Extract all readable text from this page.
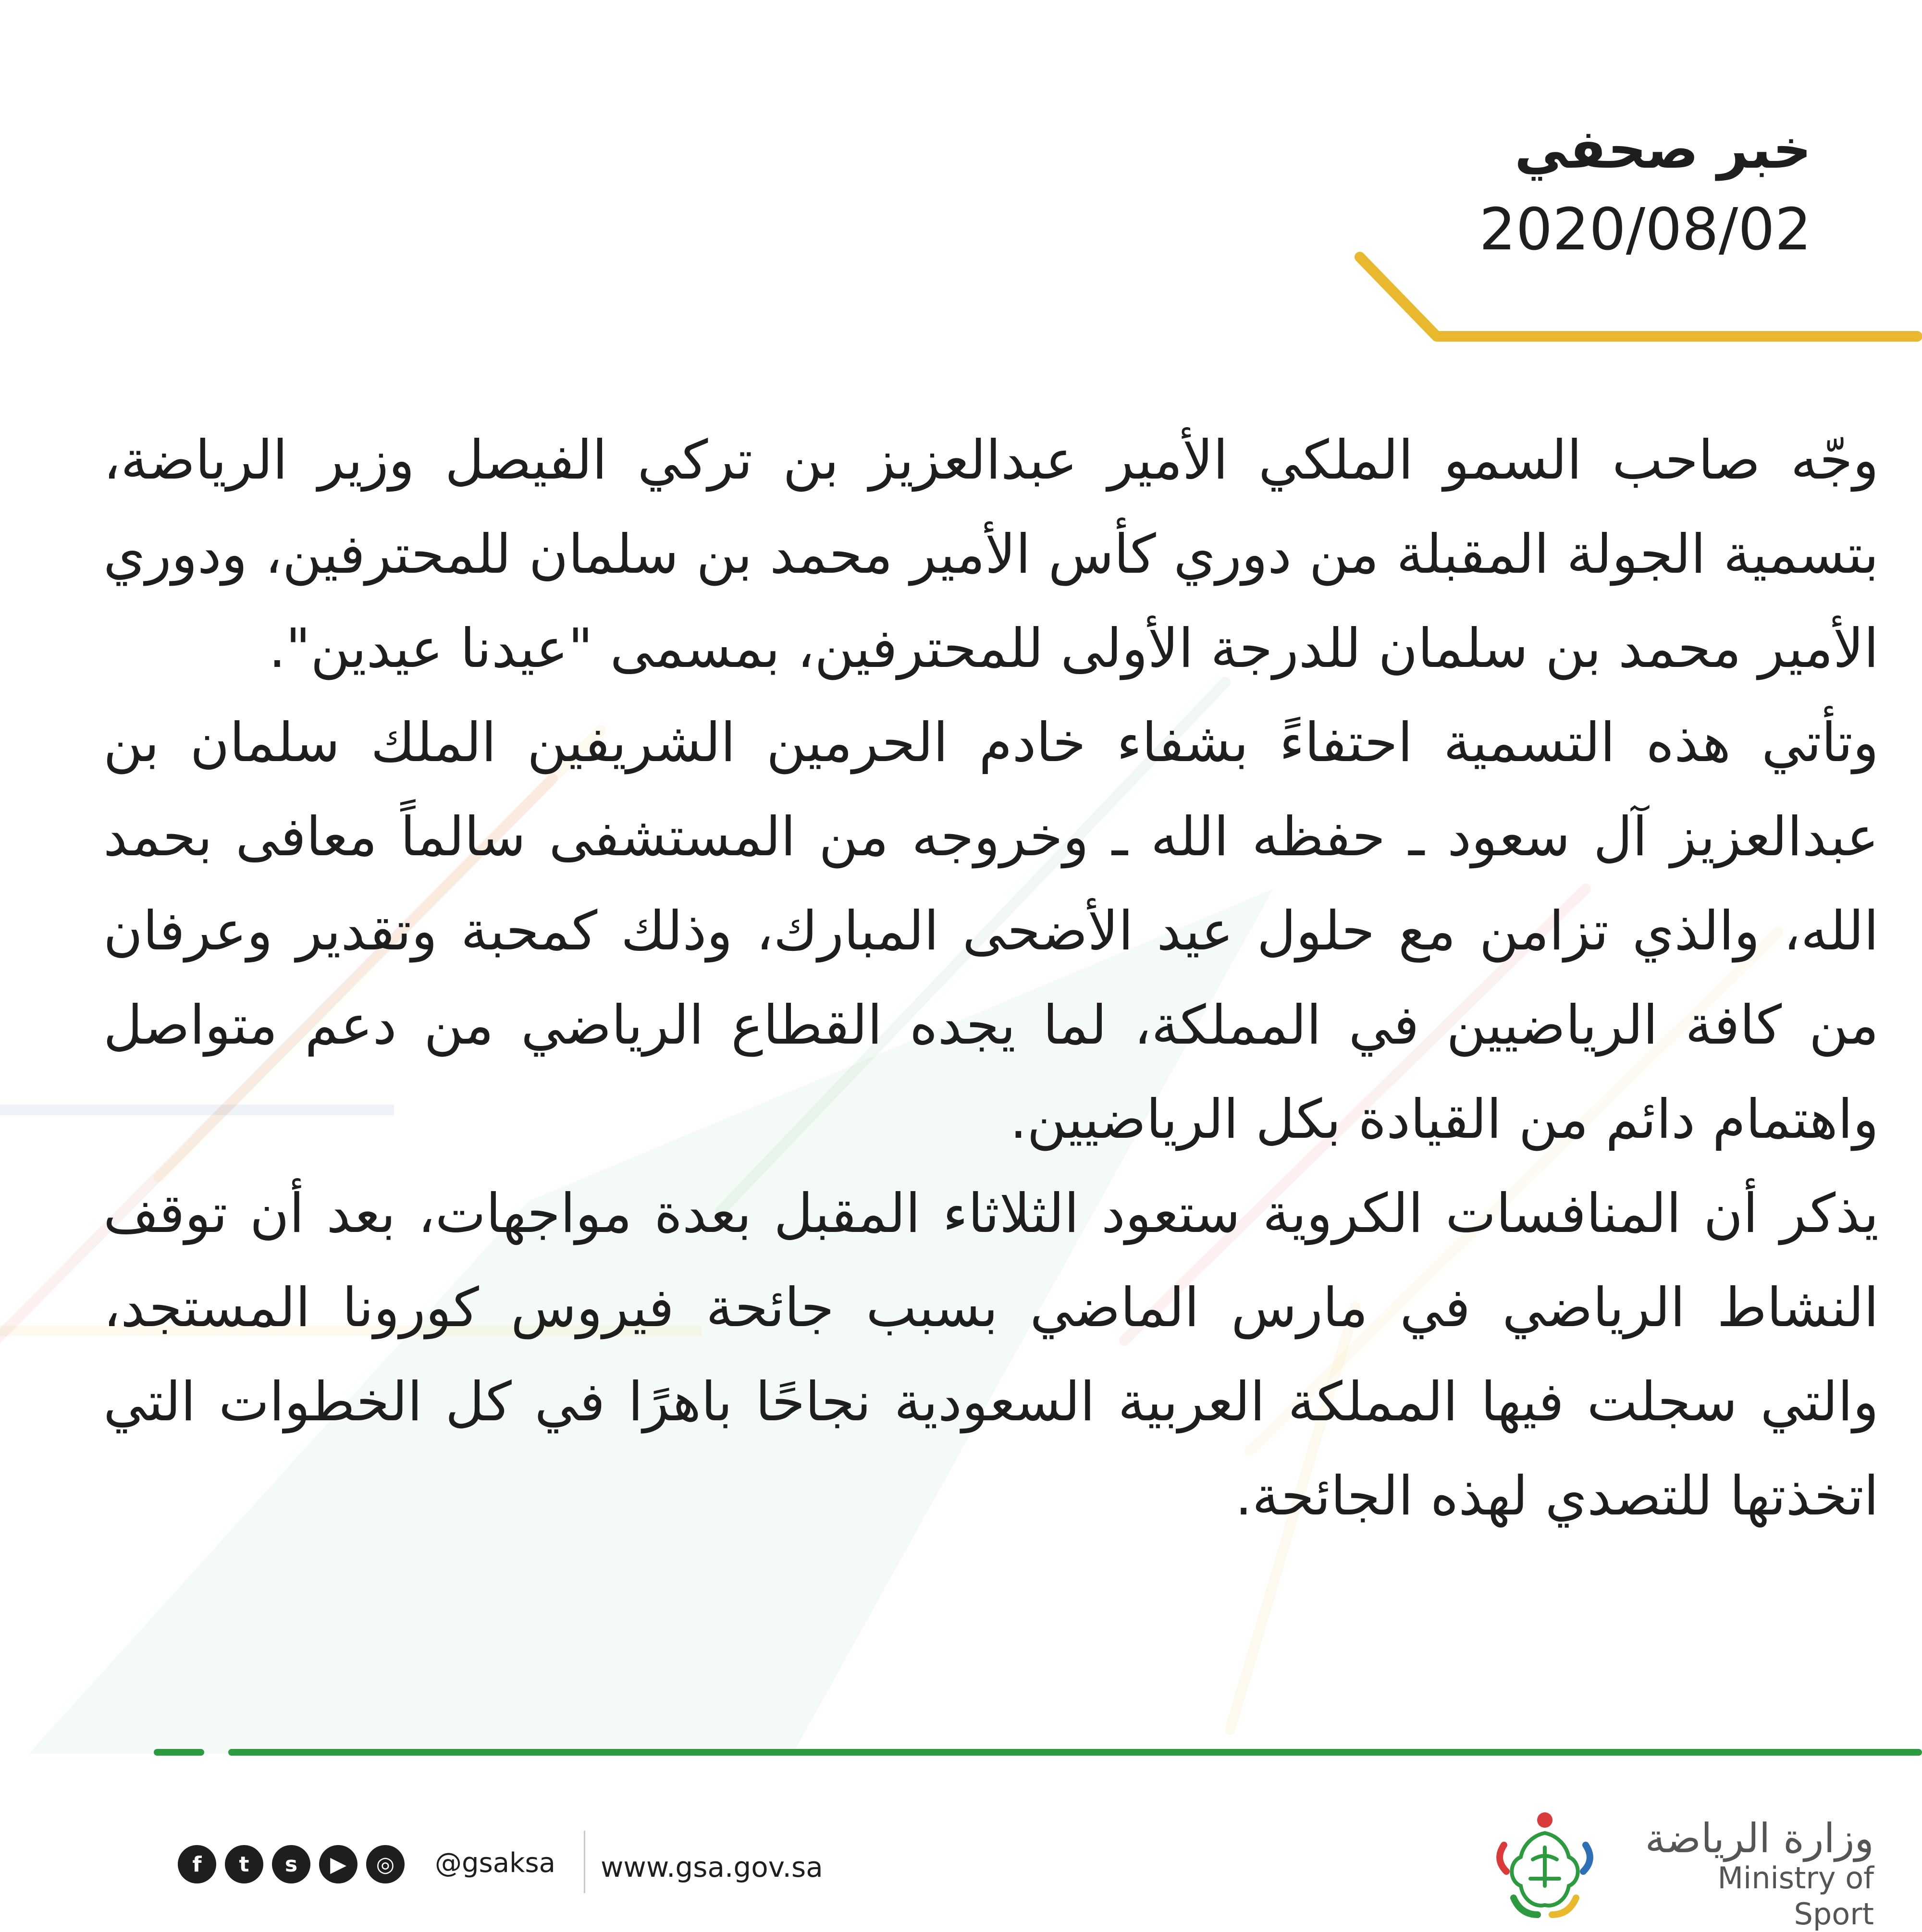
خبر صحفي
2020/08/02

وجّه صاحب السمو الملكي الأمير عبدالعزيز بن تركي الفيصل وزير الرياضة، بتسمية الجولة المقبلة من دوري كأس الأمير محمد بن سلمان للمحترفين، ودوري الأمير محمد بن سلمان للدرجة الأولى للمحترفين، بمسمى "عيدنا عيدين".

وتأتي هذه التسمية احتفاءً بشفاء خادم الحرمين الشريفين الملك سلمان بن عبدالعزيز آل سعود ـ حفظه الله ـ وخروجه من المستشفى سالماً معافى بحمد الله، والذي تزامن مع حلول عيد الأضحى المبارك، وذلك كمحبة وتقدير وعرفان من كافة الرياضيين في المملكة، لما يجده القطاع الرياضي من دعم متواصل واهتمام دائم من القيادة بكل الرياضيين.

يذكر أن المنافسات الكروية ستعود الثلاثاء المقبل بعدة مواجهات، بعد أن توقف النشاط الرياضي في مارس الماضي بسبب جائحة فيروس كورونا المستجد، والتي سجلت فيها المملكة العربية السعودية نجاحًا باهرًا في كل الخطوات التي اتخذتها للتصدي لهذه الجائحة.

f	t	s	▶	◎	@gsaksa www.gsa.gov.sa
وزارة الرياضة
Ministry of Sport
